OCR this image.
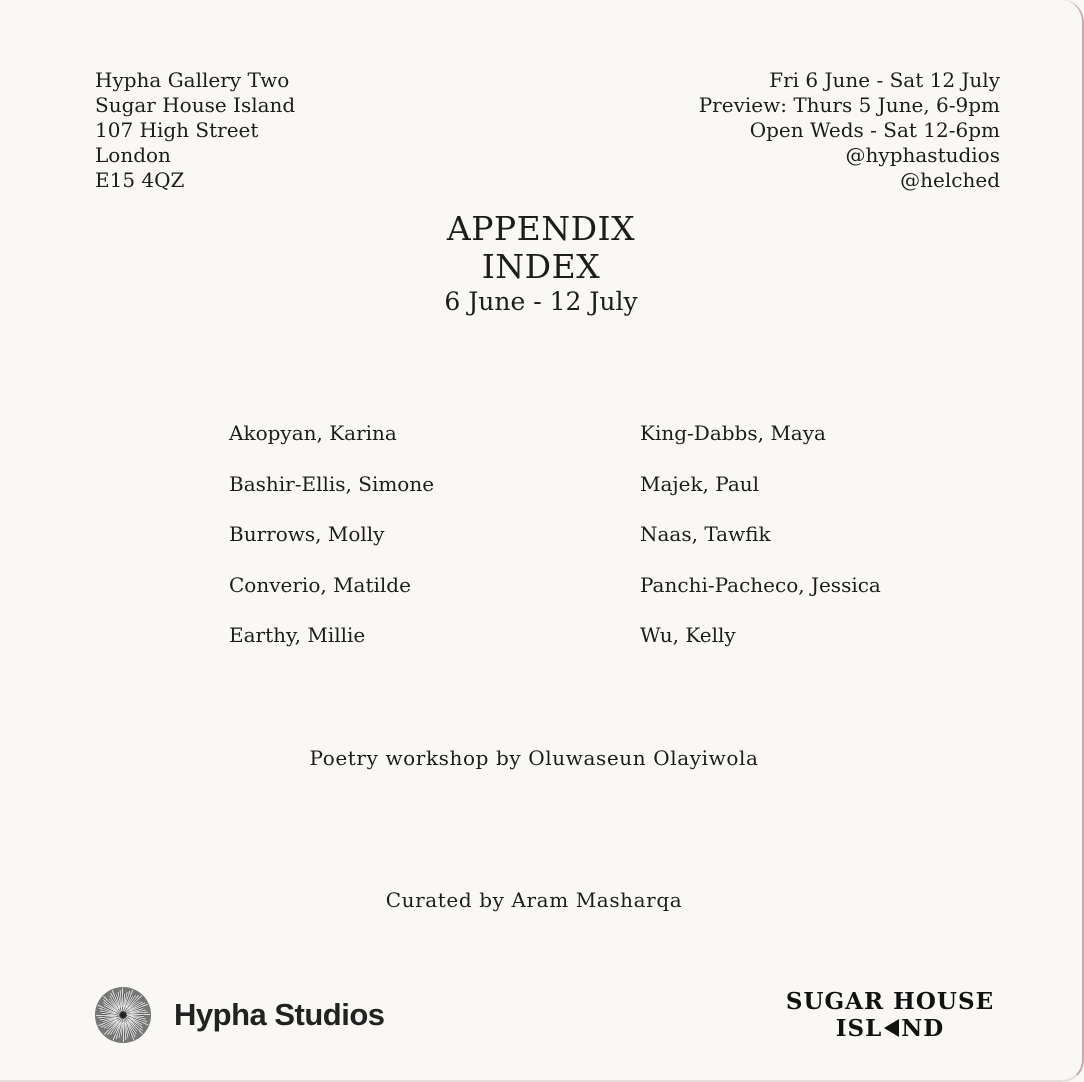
Hypha Gallery Two
Sugar House Island
107 High Street
London
E15 4QZ
Fri 6 June - Sat 12 July
Preview: Thurs 5 June, 6-9pm
Open Weds - Sat 12-6pm
@hyphastudios
@helched
APPENDIX
INDEX
6 June - 12 July
Akopyan, Karina
Bashir-Ellis, Simone
Burrows, Molly
Converio, Matilde
Earthy, Millie
King-Dabbs, Maya
Majek, Paul
Naas, Tawfik
Panchi-Pacheco, Jessica
Wu, Kelly
Poetry workshop by Oluwaseun Olayiwola
Curated by Aram Masharqa
Hypha Studios	SUGAR HOUSE
ISL ND
